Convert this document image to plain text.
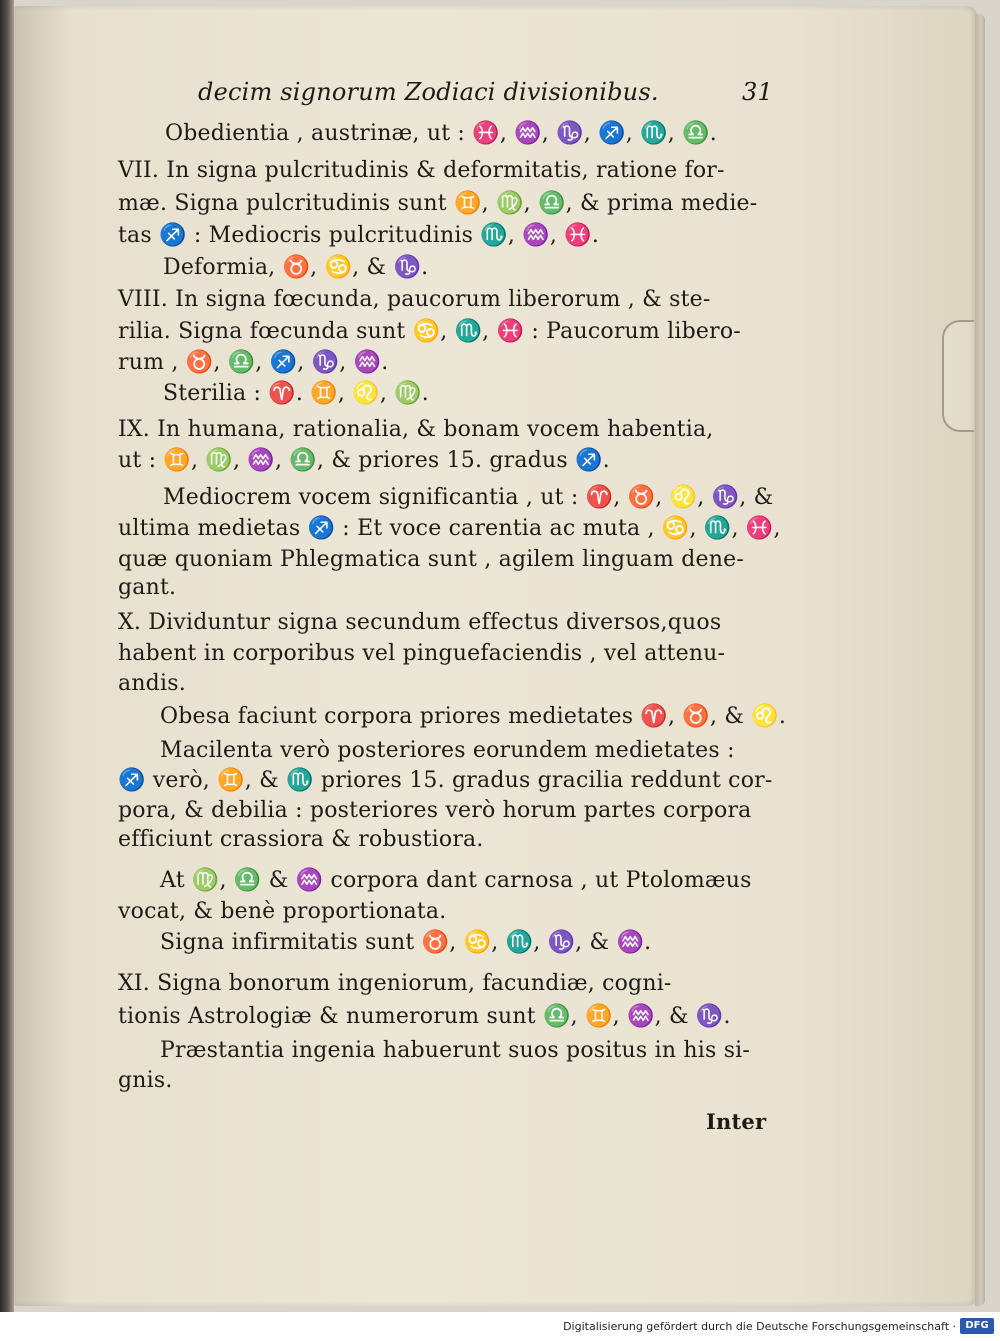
decim signorum Zodiaci divisionibus.	31
Obedientia , austrinæ, ut : ♓, ♒, ♑, ♐, ♏, ♎.
VII. In signa pulcritudinis & deformitatis, ratione for-
mæ. Signa pulcritudinis sunt ♊, ♍, ♎, & prima medie-
tas ♐ : Mediocris pulcritudinis ♏, ♒, ♓.
Deformia, ♉, ♋, & ♑.
VIII. In signa fœcunda, paucorum liberorum , & ste-
rilia. Signa fœcunda sunt ♋, ♏, ♓ : Paucorum libero-
rum , ♉, ♎, ♐, ♑, ♒.
Sterilia : ♈. ♊, ♌, ♍.
IX. In humana, rationalia, & bonam vocem habentia,
ut : ♊, ♍, ♒, ♎, & priores 15. gradus ♐.
Mediocrem vocem significantia , ut : ♈, ♉, ♌, ♑, &
ultima medietas ♐ : Et voce carentia ac muta , ♋, ♏, ♓,
quæ quoniam Phlegmatica sunt , agilem linguam dene-
gant.
X. Dividuntur signa secundum effectus diversos,quos
habent in corporibus vel pinguefaciendis , vel attenu-
andis.
Obesa faciunt corpora priores medietates ♈, ♉, & ♌.
Macilenta verò posteriores eorundem medietates :
♐ verò, ♊, & ♏ priores 15. gradus gracilia reddunt cor-
pora, & debilia : posteriores verò horum partes corpora
efficiunt crassiora & robustiora.
At ♍, ♎ & ♒ corpora dant carnosa , ut Ptolomæus
vocat, & benè proportionata.
Signa infirmitatis sunt ♉, ♋, ♏, ♑, & ♒.
XI. Signa bonorum ingeniorum, facundiæ, cogni-
tionis Astrologiæ & numerorum sunt ♎, ♊, ♒, & ♑.
Præstantia ingenia habuerunt suos positus in his si-
gnis.
Inter
Digitalisierung gefördert durch die Deutsche Forschungsgemeinschaft · DFG
